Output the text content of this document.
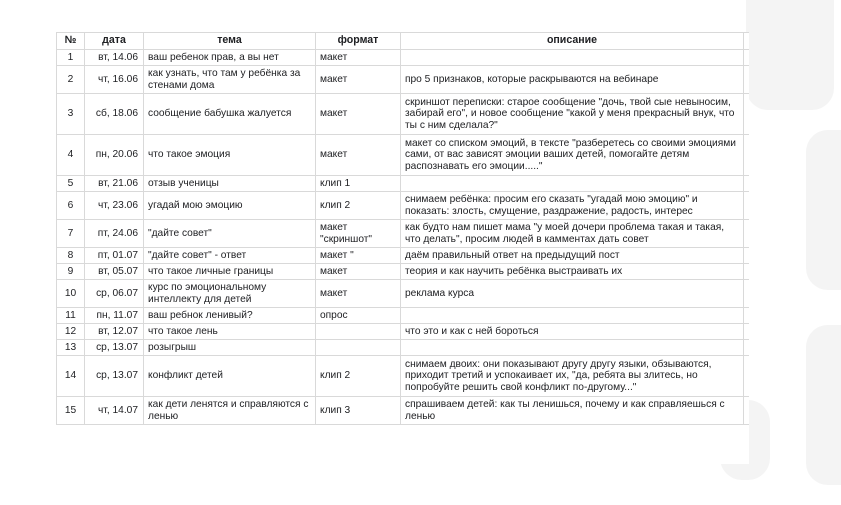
№	дата	тема	формат	описание	
1	вт, 14.06	ваш ребенок прав, а вы нет	макет		
2	чт, 16.06	как узнать, что там у ребёнка за стенами дома	макет	про 5 признаков, которые раскрываются на вебинаре	
3	сб, 18.06	сообщение бабушка жалуется	макет	скриншот переписки: старое сообщение "дочь, твой сые невыносим, забирай его", и новое сообщение "какой у меня прекрасный внук, что ты с ним сделала?"	
4	пн, 20.06	что такое эмоция	макет	макет со списком эмоций, в тексте "разберетесь со своими эмоциями сами, от вас зависят эмоции ваших детей, помогайте детям распознавать его эмоции....."	
5	вт, 21.06	отзыв ученицы	клип 1		
6	чт, 23.06	угадай мою эмоцию	клип 2	снимаем ребёнка: просим его сказать "угадай мою эмоцию" и показать: злость, смущение, раздражение, радость, интерес	
7	пт, 24.06	"дайте совет"	макет "скриншот"	как будто нам пишет мама "у моей дочери проблема такая и такая, что делать", просим людей в камментах дать совет	
8	пт, 01.07	"дайте совет" - ответ	макет "	даём правильный ответ на предыдущий пост	
9	вт, 05.07	что такое личные границы	макет	теория и как научить ребёнка выстраивать их	
10	ср, 06.07	курс по эмоциональному интеллекту для детей	макет	реклама курса	
11	пн, 11.07	ваш ребнок ленивый?	опрос		
12	вт, 12.07	что такое лень		что это и как с ней бороться	
13	ср, 13.07	розыгрыш			
14	ср, 13.07	конфликт детей	клип 2	снимаем двоих: они показывают другу другу языки, обзываются, приходит третий и успокаивает их, "да, ребята вы злитесь, но попробуйте решить свой конфликт по-другому..."	
15	чт, 14.07	как дети ленятся и справляются с ленью	клип 3	спрашиваем детей: как ты ленишься, почему и как справляешься с ленью	
